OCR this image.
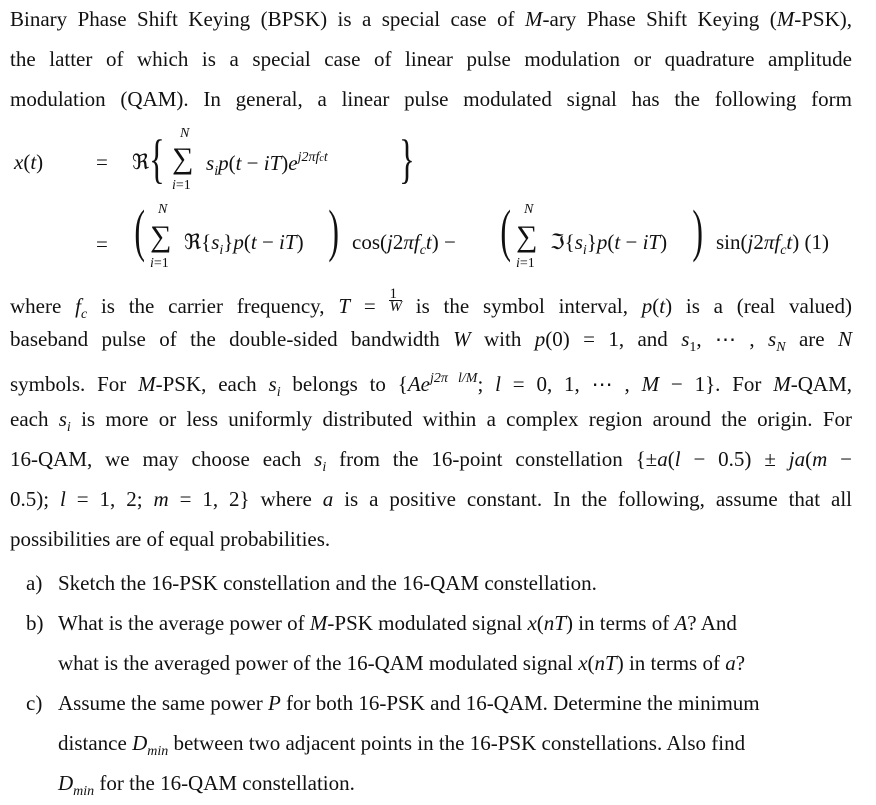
Binary Phase Shift Keying (BPSK) is a special case of M-ary Phase Shift Keying (M-PSK),
the latter of which is a special case of linear pulse modulation or quadrature amplitude
modulation (QAM). In general, a linear pulse modulated signal has the following form
x(t)	= ℜ { ∑
N
i=1
$s_ip(t - iT)e^{j2\pi fct}$ }
= ( ∑
N
i=1
$ℜ\{s_i\}p(t - iT)$ ) $\cos(j2\pi f_ct)$ − ( ∑
N
i=1
$ℑ\{s_i\}p(t - iT)$ ) $\sin(j2\pi f_ct)$ (1)
where $f_c$ is the carrier frequency, $T = \frac{1}{W}$ is the symbol interval, p(t) is a (real valued)
baseband pulse of the double-sided bandwidth W with p(0) = 1, and $s_1$, ⋯ , $s_N$ are N
symbols. For M-PSK, each $s_i$ belongs to {$Ae^{j2\pi l/M}$; l = 0, 1, ⋯ , M − 1}. For M-QAM,
each $s_i$ is more or less uniformly distributed within a complex region around the origin. For
16-QAM, we may choose each $s_i$ from the 16-point constellation {±a(l − 0.5) ± ja(m −
0.5); l = 1, 2; m = 1, 2} where a is a positive constant. In the following, assume that all
possibilities are of equal probabilities.
a) Sketch the 16-PSK constellation and the 16-QAM constellation.
b) What is the average power of M-PSK modulated signal x(nT) in terms of A? And
what is the averaged power of the 16-QAM modulated signal x(nT) in terms of a?
c) Assume the same power P for both 16-PSK and 16-QAM. Determine the minimum
distance $D_{min}$ between two adjacent points in the 16-PSK constellations. Also find
$D_{min}$ for the 16-QAM constellation.
